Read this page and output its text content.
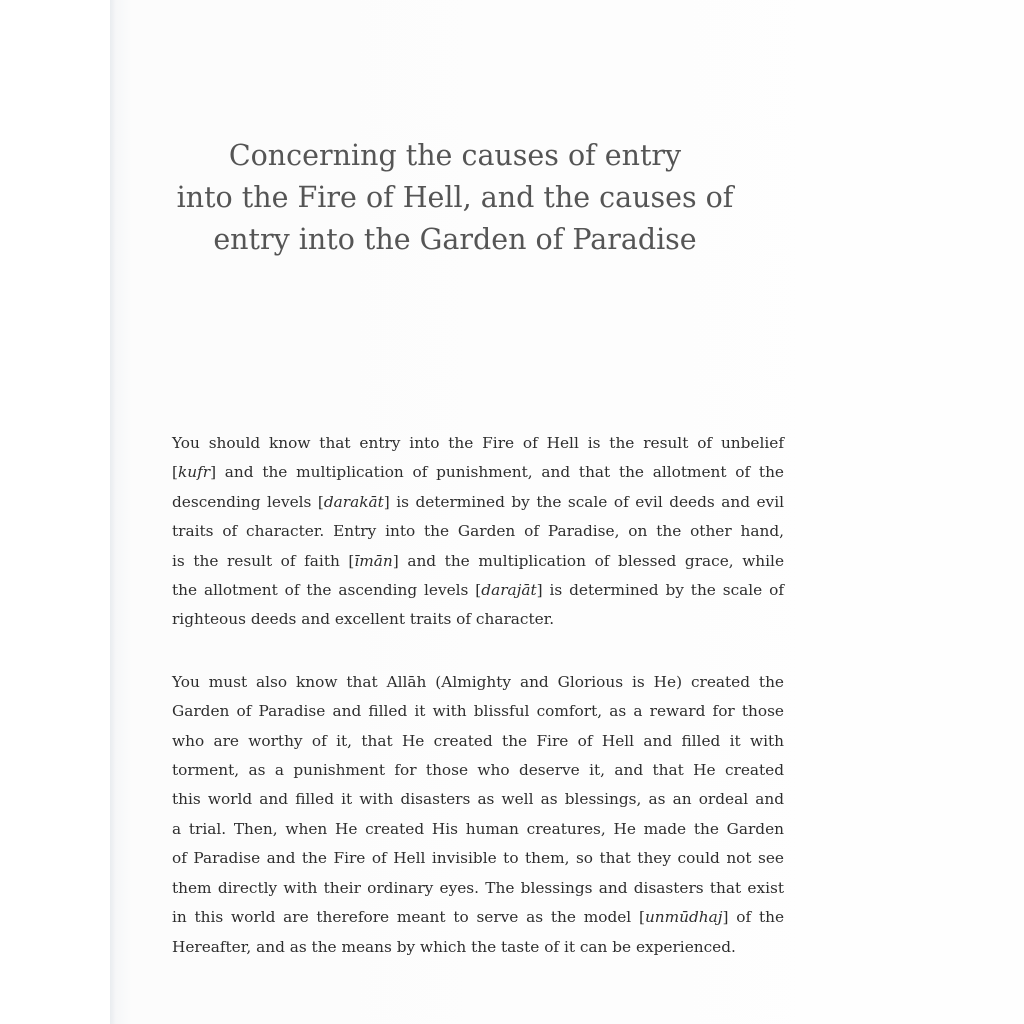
Concerning the causes of entry
into the Fire of Hell, and the causes of
entry into the Garden of Paradise

You should know that entry into the Fire of Hell is the result of unbelief
[kufr] and the multiplication of punishment, and that the allotment of the
descending levels [darakāt] is determined by the scale of evil deeds and evil
traits of character. Entry into the Garden of Paradise, on the other hand,
is the result of faith [īmān] and the multiplication of blessed grace, while
the allotment of the ascending levels [darajāt] is determined by the scale of
righteous deeds and excellent traits of character.

You must also know that Allāh (Almighty and Glorious is He) created the
Garden of Paradise and filled it with blissful comfort, as a reward for those
who are worthy of it, that He created the Fire of Hell and filled it with
torment, as a punishment for those who deserve it, and that He created
this world and filled it with disasters as well as blessings, as an ordeal and
a trial. Then, when He created His human creatures, He made the Garden
of Paradise and the Fire of Hell invisible to them, so that they could not see
them directly with their ordinary eyes. The blessings and disasters that exist
in this world are therefore meant to serve as the model [unmūdhaj] of the
Hereafter, and as the means by which the taste of it can be experienced.
